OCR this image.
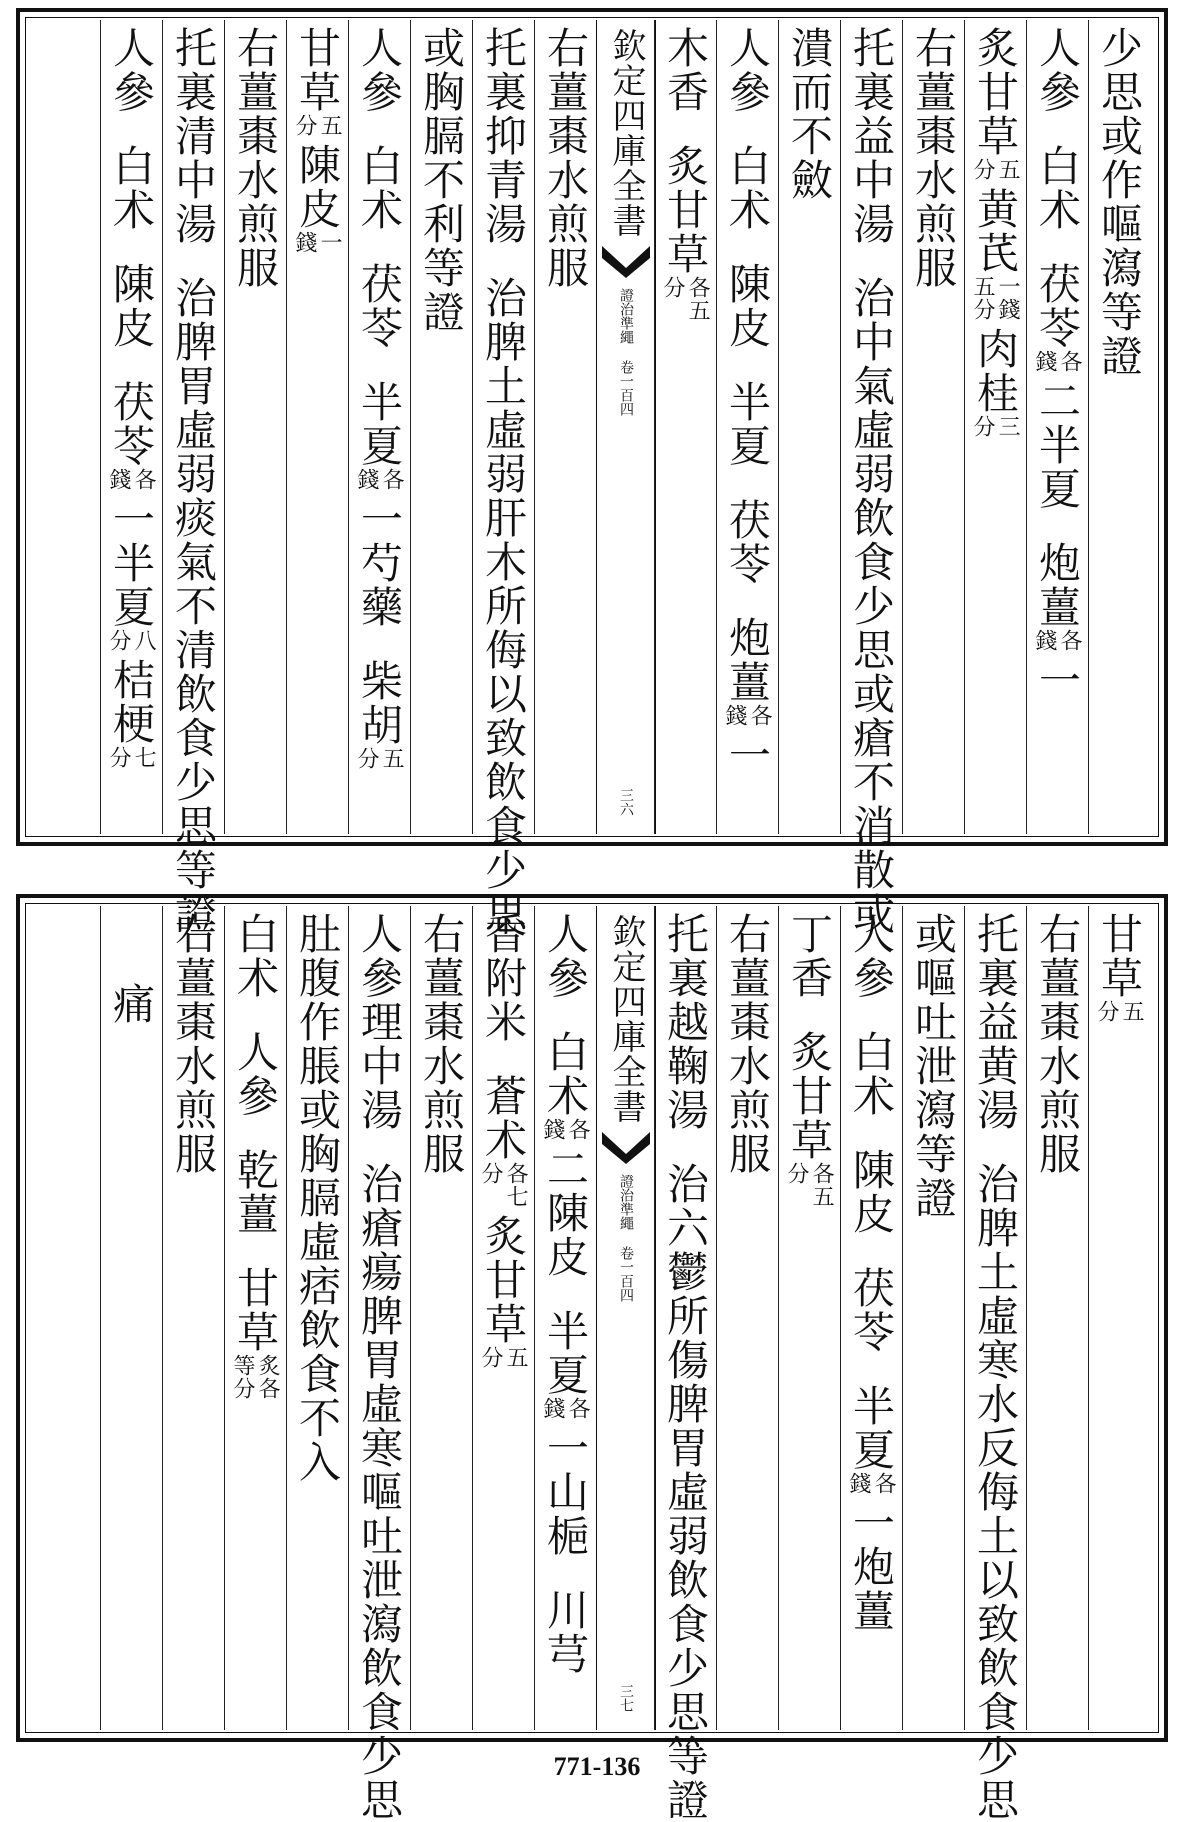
少思或作嘔瀉等證
人參
白术
茯苓
各
錢
二半夏
炮薑
各
錢
一
炙甘草
五
分
黄芪
一錢
五分
肉桂
三
分
右薑棗水煎服
托裏益中湯
治中氣虛弱飲食少思或瘡不消散或
潰而不斂
人參
白术
陳皮
半夏
茯苓
炮薑
各
錢
一
木香
炙甘草
各五
分
欽定四庫全書
證治準繩 卷一百四
三六
右薑棗水煎服
托裏抑青湯
治脾土虛弱肝木所侮以致飲食少思
或胸膈不利等證
人參
白术
茯苓
半夏
各
錢
一芍藥
柴胡
五
分
甘草
五
分
陳皮
一
錢
右薑棗水煎服
托裏清中湯
治脾胃虛弱痰氣不清飲食少思等證
人參
白术
陳皮
茯苓
各
錢
一半夏
八
分
桔梗
七
分
甘草
五
分
右薑棗水煎服
托裏益黄湯
治脾土虛寒水反侮土以致飲食少思
或嘔吐泄瀉等證
人參
白术
陳皮
茯苓
半夏
各
錢
一炮薑
丁香
炙甘草
各五
分
右薑棗水煎服
托裏越鞠湯
治六鬱所傷脾胃虛弱飲食少思等證
欽定四庫全書
證治準繩 卷一百四
三七
人參
白术
各
錢
二陳皮
半夏
各
錢
一山梔
川芎
香附米
蒼术
各七
分
炙甘草
五
分
右薑棗水煎服
人參理中湯
治瘡瘍脾胃虛寒嘔吐泄瀉飲食少思
肚腹作脹或胸膈虛痞飲食不入
白术
人參
乾薑
甘草
炙各
等分
右薑棗水煎服
痛
771-136
